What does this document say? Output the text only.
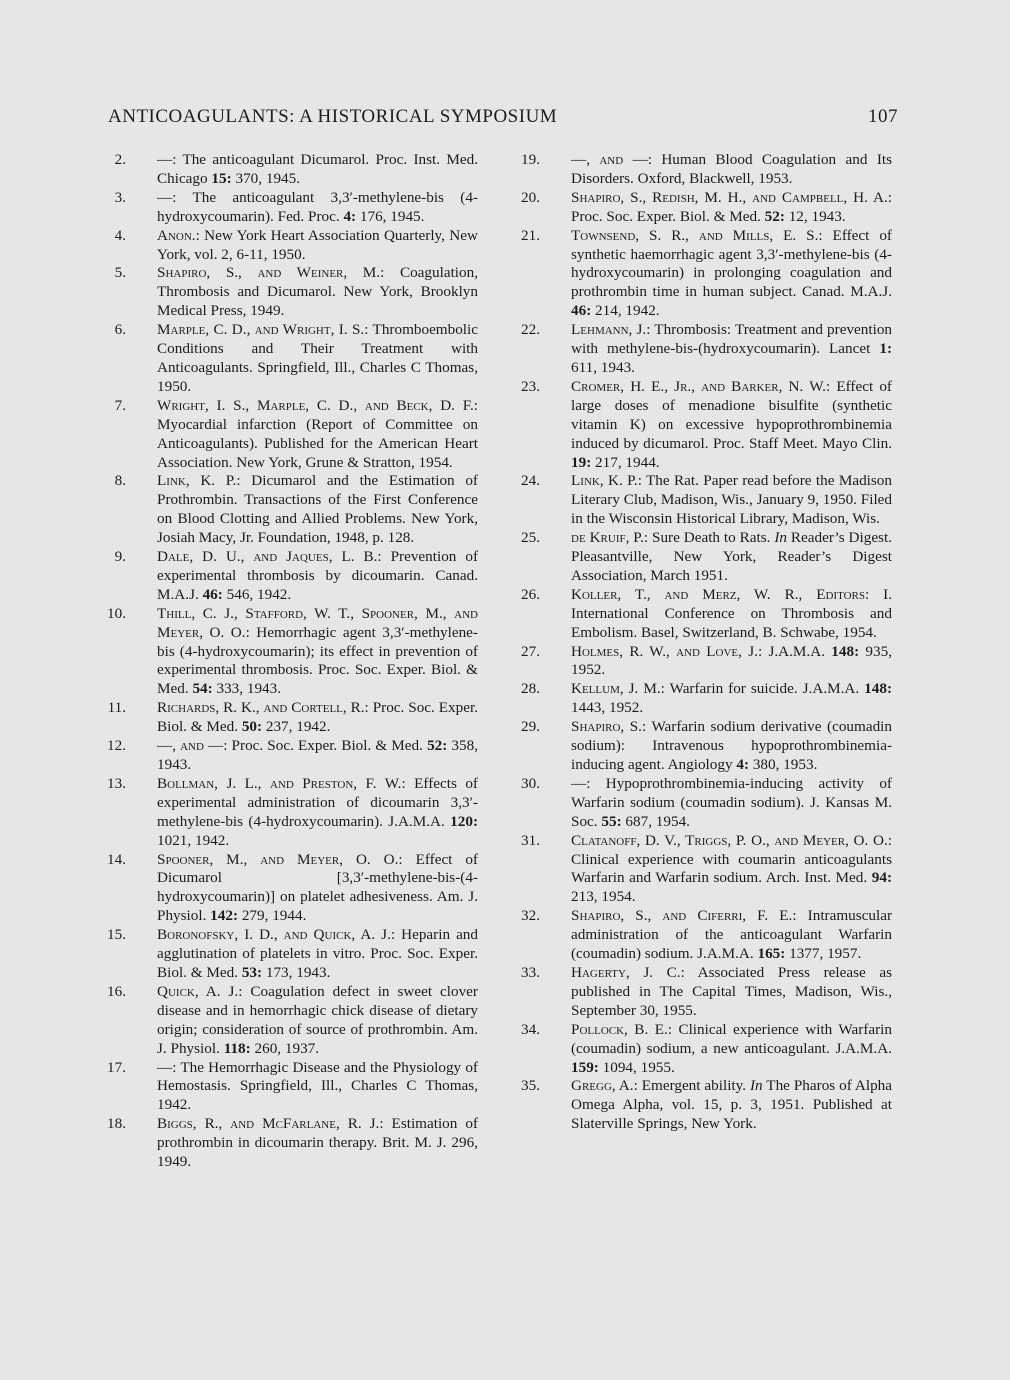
ANTICOAGULANTS: A HISTORICAL SYMPOSIUM	107

2. —: The anticoagulant Dicumarol. Proc. Inst. Med. Chicago 15: 370, 1945.

3. —: The anticoagulant 3,3′-methylene-bis (4-hydroxycoumarin). Fed. Proc. 4: 176, 1945.

4. Anon.: New York Heart Association Quarterly, New York, vol. 2, 6-11, 1950.

5. Shapiro, S., and Weiner, M.: Coagulation, Thrombosis and Dicumarol. New York, Brooklyn Medical Press, 1949.

6. Marple, C. D., and Wright, I. S.: Thromboembolic Conditions and Their Treatment with Anticoagulants. Springfield, Ill., Charles C Thomas, 1950.

7. Wright, I. S., Marple, C. D., and Beck, D. F.: Myocardial infarction (Report of Committee on Anticoagulants). Published for the American Heart Association. New York, Grune & Stratton, 1954.

8. Link, K. P.: Dicumarol and the Estimation of Prothrombin. Transactions of the First Conference on Blood Clotting and Allied Problems. New York, Josiah Macy, Jr. Foundation, 1948, p. 128.

9. Dale, D. U., and Jaques, L. B.: Prevention of experimental thrombosis by dicoumarin. Canad. M.A.J. 46: 546, 1942.

10. Thill, C. J., Stafford, W. T., Spooner, M., and Meyer, O. O.: Hemorrhagic agent 3,3′-methylene-bis (4-hydroxycoumarin); its effect in prevention of experimental thrombosis. Proc. Soc. Exper. Biol. & Med. 54: 333, 1943.

11. Richards, R. K., and Cortell, R.: Proc. Soc. Exper. Biol. & Med. 50: 237, 1942.

12. —, and —: Proc. Soc. Exper. Biol. & Med. 52: 358, 1943.

13. Bollman, J. L., and Preston, F. W.: Effects of experimental administration of dicoumarin 3,3′-methylene-bis (4-hydroxycoumarin). J.A.M.A. 120: 1021, 1942.

14. Spooner, M., and Meyer, O. O.: Effect of Dicumarol [3,3′-methylene-bis-(4-hydroxycoumarin)] on platelet adhesiveness. Am. J. Physiol. 142: 279, 1944.

15. Boronofsky, I. D., and Quick, A. J.: Heparin and agglutination of platelets in vitro. Proc. Soc. Exper. Biol. & Med. 53: 173, 1943.

16. Quick, A. J.: Coagulation defect in sweet clover disease and in hemorrhagic chick disease of dietary origin; consideration of source of prothrombin. Am. J. Physiol. 118: 260, 1937.

17. —: The Hemorrhagic Disease and the Physiology of Hemostasis. Springfield, Ill., Charles C Thomas, 1942.

18. Biggs, R., and McFarlane, R. J.: Estimation of prothrombin in dicoumarin therapy. Brit. M. J. 296, 1949.

19. —, and —: Human Blood Coagulation and Its Disorders. Oxford, Blackwell, 1953.

20. Shapiro, S., Redish, M. H., and Campbell, H. A.: Proc. Soc. Exper. Biol. & Med. 52: 12, 1943.

21. Townsend, S. R., and Mills, E. S.: Effect of synthetic haemorrhagic agent 3,3′-methylene-bis (4-hydroxycoumarin) in prolonging coagulation and prothrombin time in human subject. Canad. M.A.J. 46: 214, 1942.

22. Lehmann, J.: Thrombosis: Treatment and prevention with methylene-bis-(hydroxycoumarin). Lancet 1: 611, 1943.

23. Cromer, H. E., Jr., and Barker, N. W.: Effect of large doses of menadione bisulfite (synthetic vitamin K) on excessive hypoprothrombinemia induced by dicumarol. Proc. Staff Meet. Mayo Clin. 19: 217, 1944.

24. Link, K. P.: The Rat. Paper read before the Madison Literary Club, Madison, Wis., January 9, 1950. Filed in the Wisconsin Historical Library, Madison, Wis.

25. de Kruif, P.: Sure Death to Rats. In Reader’s Digest. Pleasantville, New York, Reader’s Digest Association, March 1951.

26. Koller, T., and Merz, W. R., Editors: I. International Conference on Thrombosis and Embolism. Basel, Switzerland, B. Schwabe, 1954.

27. Holmes, R. W., and Love, J.: J.A.M.A. 148: 935, 1952.

28. Kellum, J. M.: Warfarin for suicide. J.A.M.A. 148: 1443, 1952.

29. Shapiro, S.: Warfarin sodium derivative (coumadin sodium): Intravenous hypoprothrombinemia-inducing agent. Angiology 4: 380, 1953.

30. —: Hypoprothrombinemia-inducing activity of Warfarin sodium (coumadin sodium). J. Kansas M. Soc. 55: 687, 1954.

31. Clatanoff, D. V., Triggs, P. O., and Meyer, O. O.: Clinical experience with coumarin anticoagulants Warfarin and Warfarin sodium. Arch. Inst. Med. 94: 213, 1954.

32. Shapiro, S., and Ciferri, F. E.: Intramuscular administration of the anticoagulant Warfarin (coumadin) sodium. J.A.M.A. 165: 1377, 1957.

33. Hagerty, J. C.: Associated Press release as published in The Capital Times, Madison, Wis., September 30, 1955.

34. Pollock, B. E.: Clinical experience with Warfarin (coumadin) sodium, a new anticoagulant. J.A.M.A. 159: 1094, 1955.

35. Gregg, A.: Emergent ability. In The Pharos of Alpha Omega Alpha, vol. 15, p. 3, 1951. Published at Slaterville Springs, New York.
